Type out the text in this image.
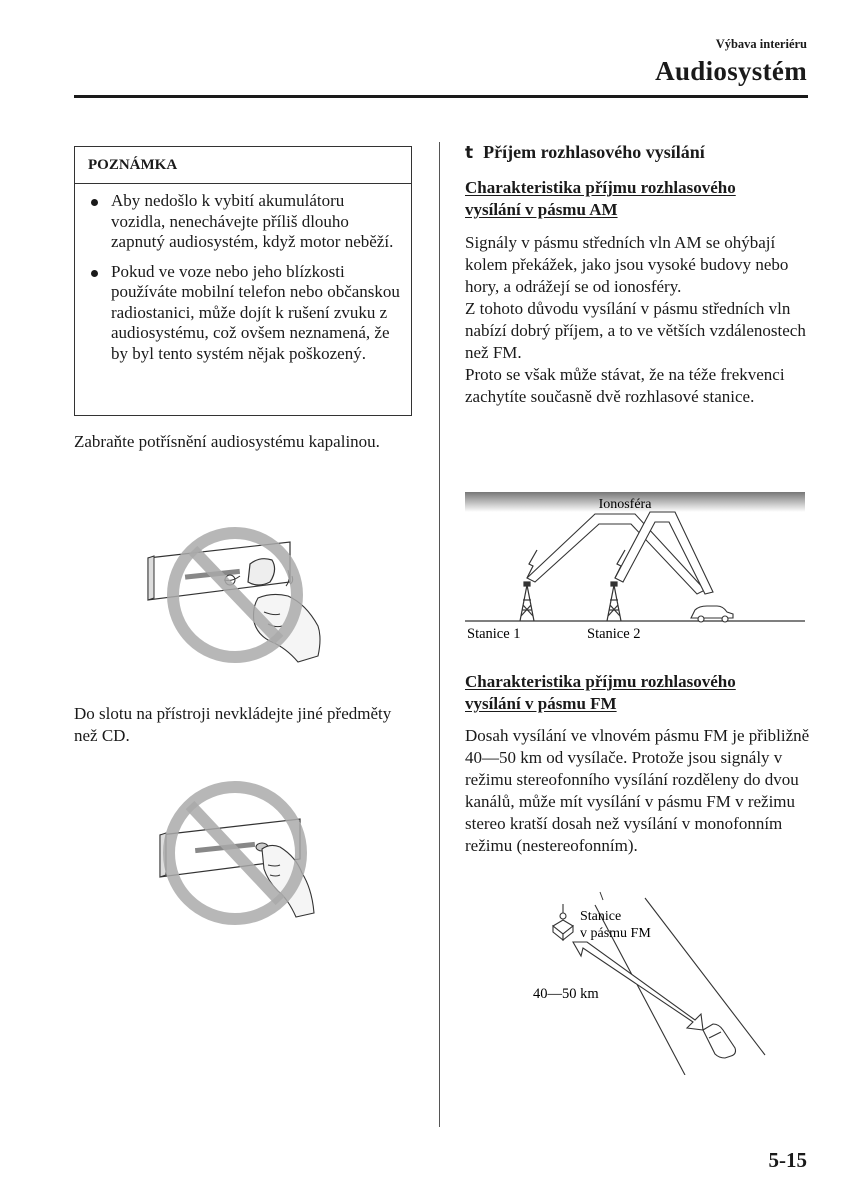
Výbava interiéru
Audiosystém
POZNÁMKA
Aby nedošlo k vybití akumulátoru vozidla, nenechávejte příliš dlouho zapnutý audiosystém, když motor neběží.
Pokud ve voze nebo jeho blízkosti používáte mobilní telefon nebo občanskou radiostanici, může dojít k rušení zvuku z audiosystému, což ovšem neznamená, že by byl tento systém nějak poškozený.
Zabraňte potřísnění audiosystému kapalinou.
Do slotu na přístroji nevkládejte jiné předměty než CD.
t Příjem rozhlasového vysílání
Charakteristika příjmu rozhlasového vysílání v pásmu AM
Signály v pásmu středních vln AM se ohýbají kolem překážek, jako jsou vysoké budovy nebo hory, a odrážejí se od ionosféry.
Z tohoto důvodu vysílání v pásmu středních vln nabízí dobrý příjem, a to ve větších vzdálenostech než FM.
Proto se však může stávat, že na téže frekvenci zachytíte současně dvě rozhlasové stanice.
Ionosféra
Stanice 1	Stanice 2
Charakteristika příjmu rozhlasového vysílání v pásmu FM
Dosah vysílání ve vlnovém pásmu FM je přibližně 40—50 km od vysílače. Protože jsou signály v režimu stereofonního vysílání rozděleny do dvou kanálů, může mít vysílání v pásmu FM v režimu stereo kratší dosah než vysílání v monofonním režimu (nestereofonním).
Stanice
v pásmu FM
40—50 km
5-15
